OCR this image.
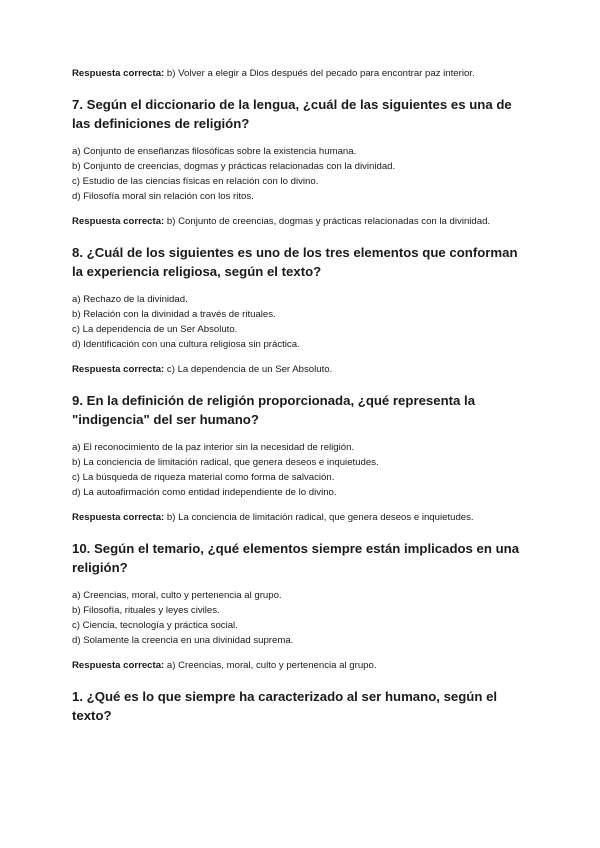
Respuesta correcta: b) Volver a elegir a Dios después del pecado para encontrar paz interior.

7. Según el diccionario de la lengua, ¿cuál de las siguientes es una de las definiciones de religión?

a) Conjunto de enseñanzas filosóficas sobre la existencia humana.
b) Conjunto de creencias, dogmas y prácticas relacionadas con la divinidad.
c) Estudio de las ciencias físicas en relación con lo divino.
d) Filosofía moral sin relación con los ritos.

Respuesta correcta: b) Conjunto de creencias, dogmas y prácticas relacionadas con la divinidad.

8. ¿Cuál de los siguientes es uno de los tres elementos que conforman la experiencia religiosa, según el texto?

a) Rechazo de la divinidad.
b) Relación con la divinidad a través de rituales.
c) La dependencia de un Ser Absoluto.
d) Identificación con una cultura religiosa sin práctica.

Respuesta correcta: c) La dependencia de un Ser Absoluto.

9. En la definición de religión proporcionada, ¿qué representa la "indigencia" del ser humano?

a) El reconocimiento de la paz interior sin la necesidad de religión.
b) La conciencia de limitación radical, que genera deseos e inquietudes.
c) La búsqueda de riqueza material como forma de salvación.
d) La autoafirmación como entidad independiente de lo divino.

Respuesta correcta: b) La conciencia de limitación radical, que genera deseos e inquietudes.

10. Según el temario, ¿qué elementos siempre están implicados en una religión?

a) Creencias, moral, culto y pertenencia al grupo.
b) Filosofía, rituales y leyes civiles.
c) Ciencia, tecnología y práctica social.
d) Solamente la creencia en una divinidad suprema.

Respuesta correcta: a) Creencias, moral, culto y pertenencia al grupo.

1. ¿Qué es lo que siempre ha caracterizado al ser humano, según el texto?
